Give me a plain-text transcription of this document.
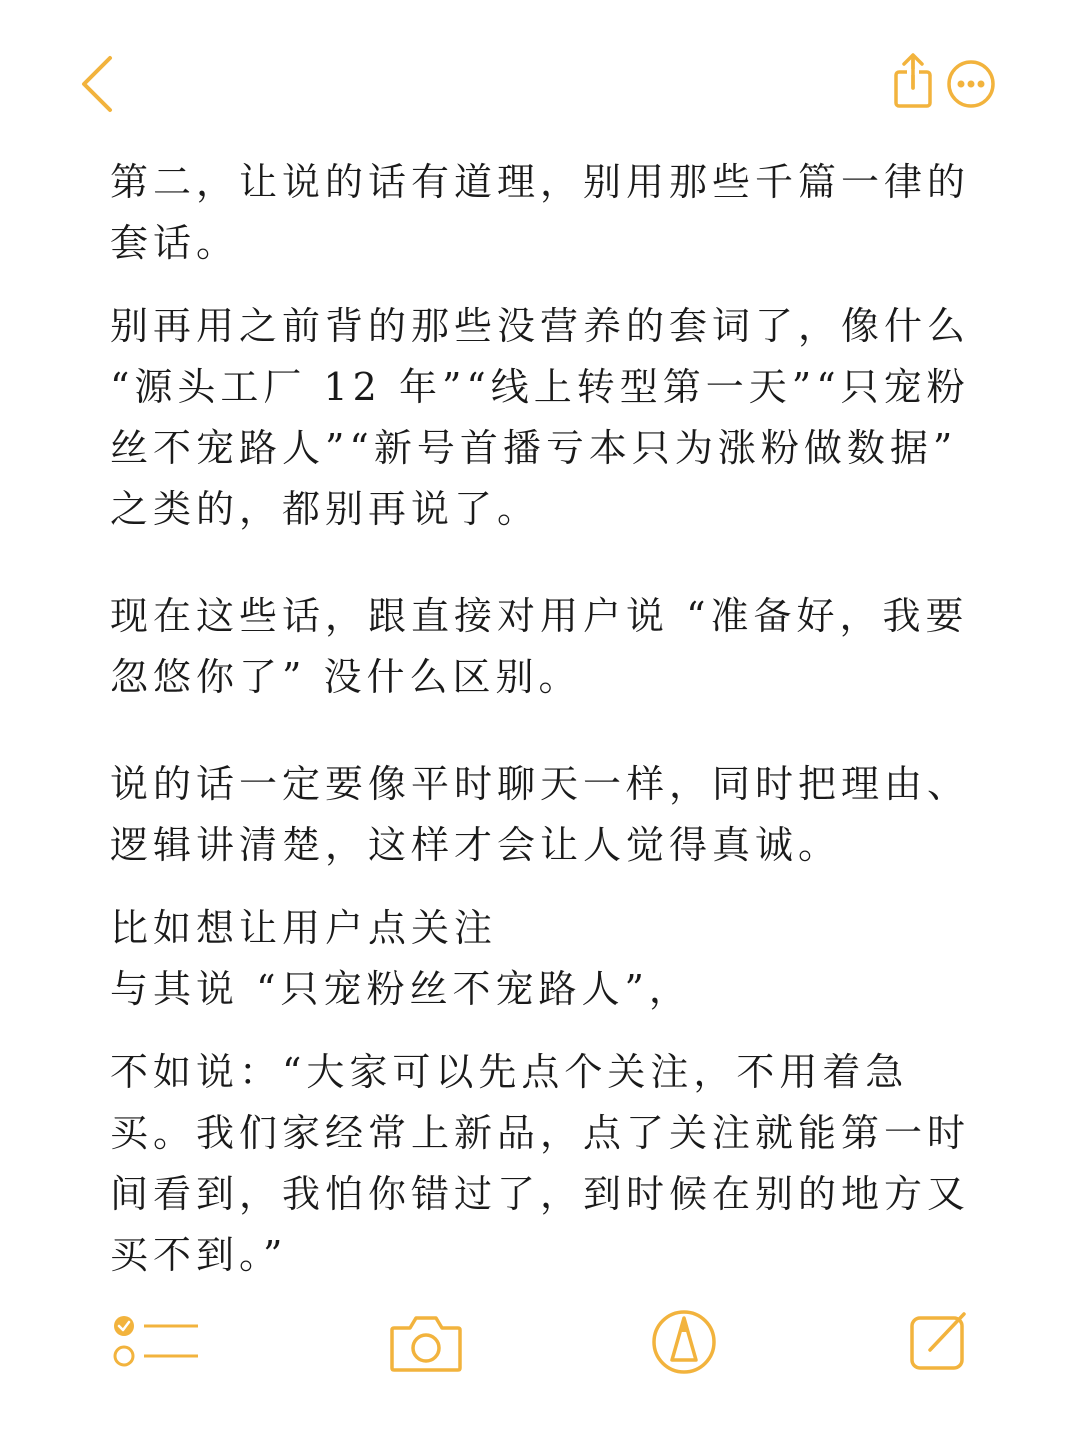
第二，让说的话有道理，别用那些千篇一律的套话。

别再用之前背的那些没营养的套词了，像什么 “源头工厂 12 年”“线上转型第一天”“只宠粉丝不宠路人”“新号首播亏本只为涨粉做数据” 之类的，都别再说了。

现在这些话，跟直接对用户说 “准备好，我要忽悠你了” 没什么区别。

说的话一定要像平时聊天一样，同时把理由、逻辑讲清楚，这样才会让人觉得真诚。

比如想让用户点关注

与其说 “只宠粉丝不宠路人”，

不如说：“大家可以先点个关注，不用着急买。我们家经常上新品，点了关注就能第一时间看到，我怕你错过了，到时候在别的地方又买不到。”
